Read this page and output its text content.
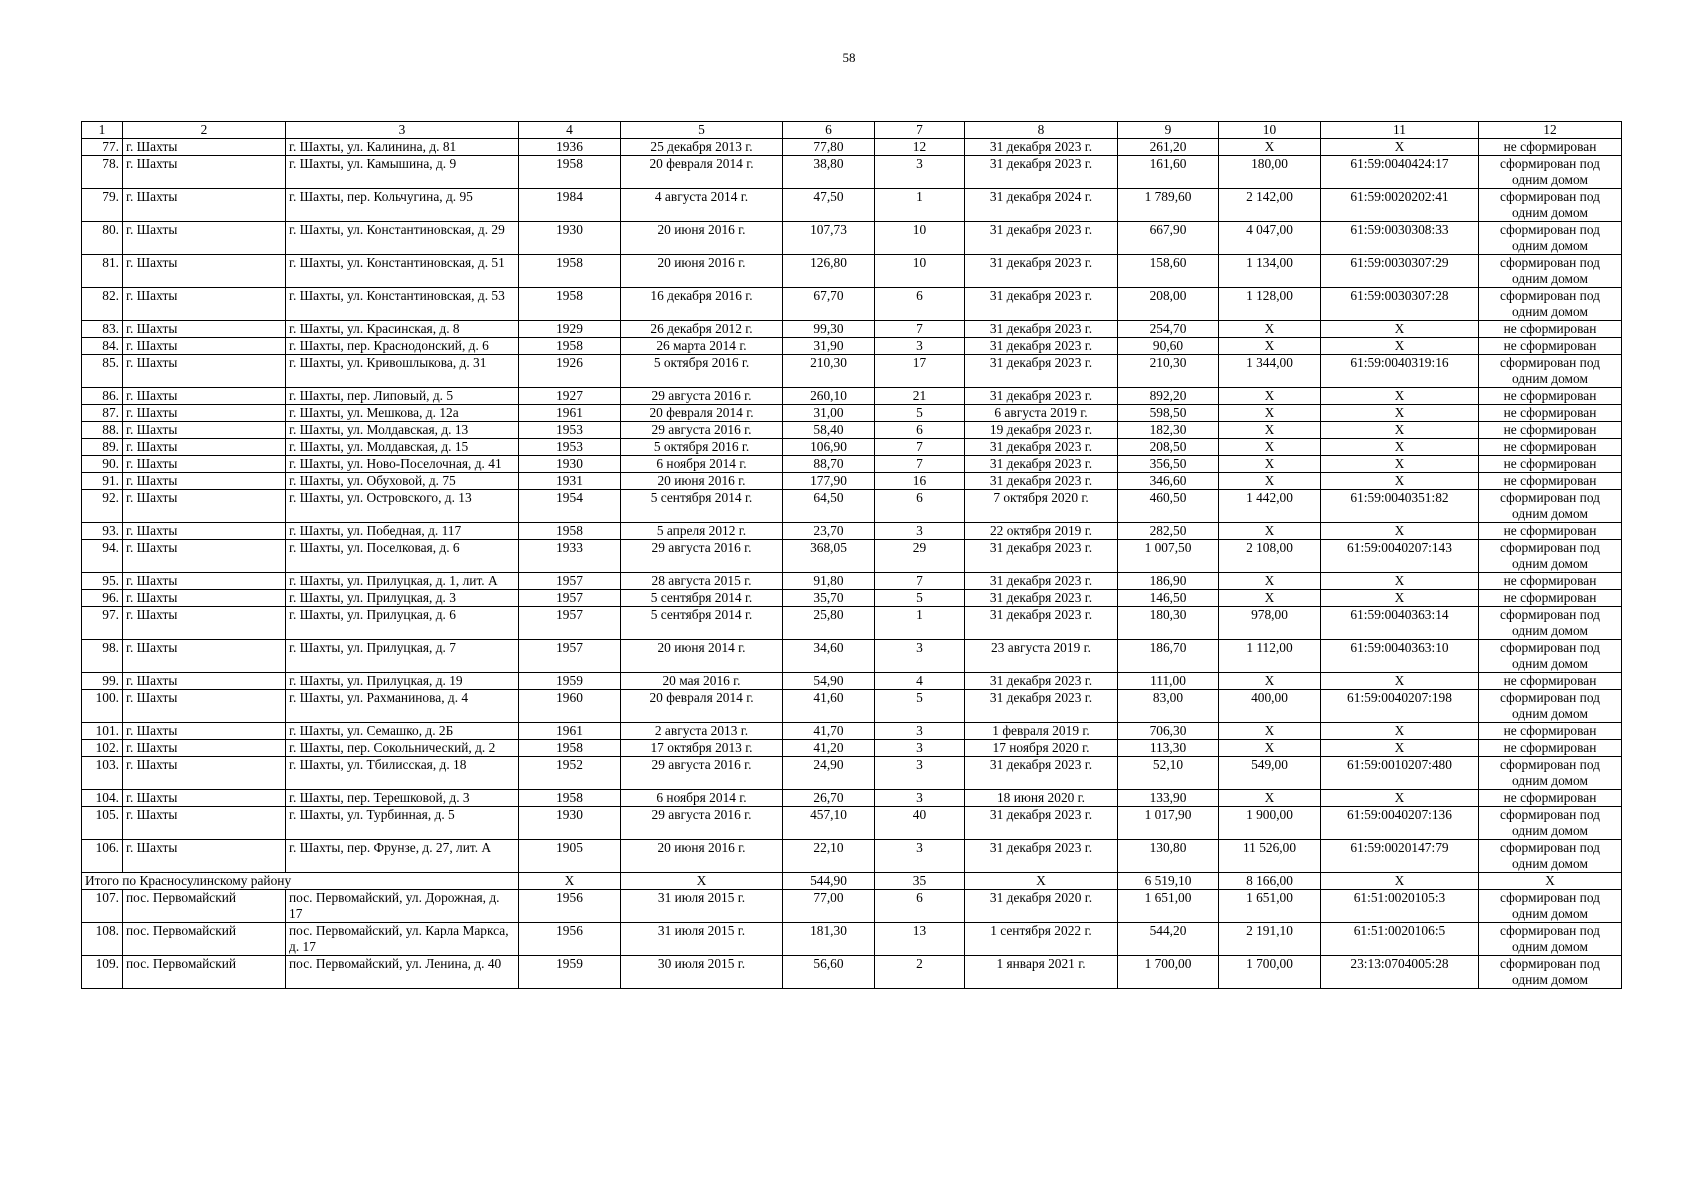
58
1	2	3	4	5	6	7	8	9	10	11	12
77.	г. Шахты	г. Шахты, ул. Калинина, д. 81	1936	25 декабря 2013 г.	77,80	12	31 декабря 2023 г.	261,20	X	X	не сформирован
78.	г. Шахты	г. Шахты, ул. Камышина, д. 9	1958	20 февраля 2014 г.	38,80	3	31 декабря 2023 г.	161,60	180,00	61:59:0040424:17	сформирован под одним домом
79.	г. Шахты	г. Шахты, пер. Кольчугина, д. 95	1984	4 августа 2014 г.	47,50	1	31 декабря 2024 г.	1 789,60	2 142,00	61:59:0020202:41	сформирован под одним домом
80.	г. Шахты	г. Шахты, ул. Константиновская, д. 29	1930	20 июня 2016 г.	107,73	10	31 декабря 2023 г.	667,90	4 047,00	61:59:0030308:33	сформирован под одним домом
81.	г. Шахты	г. Шахты, ул. Константиновская, д. 51	1958	20 июня 2016 г.	126,80	10	31 декабря 2023 г.	158,60	1 134,00	61:59:0030307:29	сформирован под одним домом
82.	г. Шахты	г. Шахты, ул. Константиновская, д. 53	1958	16 декабря 2016 г.	67,70	6	31 декабря 2023 г.	208,00	1 128,00	61:59:0030307:28	сформирован под одним домом
83.	г. Шахты	г. Шахты, ул. Красинская, д. 8	1929	26 декабря 2012 г.	99,30	7	31 декабря 2023 г.	254,70	X	X	не сформирован
84.	г. Шахты	г. Шахты, пер. Краснодонский, д. 6	1958	26 марта 2014 г.	31,90	3	31 декабря 2023 г.	90,60	X	X	не сформирован
85.	г. Шахты	г. Шахты, ул. Кривошлыкова, д. 31	1926	5 октября 2016 г.	210,30	17	31 декабря 2023 г.	210,30	1 344,00	61:59:0040319:16	сформирован под одним домом
86.	г. Шахты	г. Шахты, пер. Липовый, д. 5	1927	29 августа 2016 г.	260,10	21	31 декабря 2023 г.	892,20	X	X	не сформирован
87.	г. Шахты	г. Шахты, ул. Мешкова, д. 12а	1961	20 февраля 2014 г.	31,00	5	6 августа 2019 г.	598,50	X	X	не сформирован
88.	г. Шахты	г. Шахты, ул. Молдавская, д. 13	1953	29 августа 2016 г.	58,40	6	19 декабря 2023 г.	182,30	X	X	не сформирован
89.	г. Шахты	г. Шахты, ул. Молдавская, д. 15	1953	5 октября 2016 г.	106,90	7	31 декабря 2023 г.	208,50	X	X	не сформирован
90.	г. Шахты	г. Шахты, ул. Ново-Поселочная, д. 41	1930	6 ноября 2014 г.	88,70	7	31 декабря 2023 г.	356,50	X	X	не сформирован
91.	г. Шахты	г. Шахты, ул. Обуховой, д. 75	1931	20 июня 2016 г.	177,90	16	31 декабря 2023 г.	346,60	X	X	не сформирован
92.	г. Шахты	г. Шахты, ул. Островского, д. 13	1954	5 сентября 2014 г.	64,50	6	7 октября 2020 г.	460,50	1 442,00	61:59:0040351:82	сформирован под одним домом
93.	г. Шахты	г. Шахты, ул. Победная, д. 117	1958	5 апреля 2012 г.	23,70	3	22 октября 2019 г.	282,50	X	X	не сформирован
94.	г. Шахты	г. Шахты, ул. Поселковая, д. 6	1933	29 августа 2016 г.	368,05	29	31 декабря 2023 г.	1 007,50	2 108,00	61:59:0040207:143	сформирован под одним домом
95.	г. Шахты	г. Шахты, ул. Прилуцкая, д. 1, лит. А	1957	28 августа 2015 г.	91,80	7	31 декабря 2023 г.	186,90	X	X	не сформирован
96.	г. Шахты	г. Шахты, ул. Прилуцкая, д. 3	1957	5 сентября 2014 г.	35,70	5	31 декабря 2023 г.	146,50	X	X	не сформирован
97.	г. Шахты	г. Шахты, ул. Прилуцкая, д. 6	1957	5 сентября 2014 г.	25,80	1	31 декабря 2023 г.	180,30	978,00	61:59:0040363:14	сформирован под одним домом
98.	г. Шахты	г. Шахты, ул. Прилуцкая, д. 7	1957	20 июня 2014 г.	34,60	3	23 августа 2019 г.	186,70	1 112,00	61:59:0040363:10	сформирован под одним домом
99.	г. Шахты	г. Шахты, ул. Прилуцкая, д. 19	1959	20 мая 2016 г.	54,90	4	31 декабря 2023 г.	111,00	X	X	не сформирован
100.	г. Шахты	г. Шахты, ул. Рахманинова, д. 4	1960	20 февраля 2014 г.	41,60	5	31 декабря 2023 г.	83,00	400,00	61:59:0040207:198	сформирован под одним домом
101.	г. Шахты	г. Шахты, ул. Семашко, д. 2Б	1961	2 августа 2013 г.	41,70	3	1 февраля 2019 г.	706,30	X	X	не сформирован
102.	г. Шахты	г. Шахты, пер. Сокольнический, д. 2	1958	17 октября 2013 г.	41,20	3	17 ноября 2020 г.	113,30	X	X	не сформирован
103.	г. Шахты	г. Шахты, ул. Тбилисская, д. 18	1952	29 августа 2016 г.	24,90	3	31 декабря 2023 г.	52,10	549,00	61:59:0010207:480	сформирован под одним домом
104.	г. Шахты	г. Шахты, пер. Терешковой, д. 3	1958	6 ноября 2014 г.	26,70	3	18 июня 2020 г.	133,90	X	X	не сформирован
105.	г. Шахты	г. Шахты, ул. Турбинная, д. 5	1930	29 августа 2016 г.	457,10	40	31 декабря 2023 г.	1 017,90	1 900,00	61:59:0040207:136	сформирован под одним домом
106.	г. Шахты	г. Шахты, пер. Фрунзе, д. 27, лит. А	1905	20 июня 2016 г.	22,10	3	31 декабря 2023 г.	130,80	11 526,00	61:59:0020147:79	сформирован под одним домом
Итого по Красносулинскому району			X	X	544,90	35	X	6 519,10	8 166,00	X	X
107.	пос. Первомайский	пос. Первомайский, ул. Дорожная, д. 17	1956	31 июля 2015 г.	77,00	6	31 декабря 2020 г.	1 651,00	1 651,00	61:51:0020105:3	сформирован под одним домом
108.	пос. Первомайский	пос. Первомайский, ул. Карла Маркса, д. 17	1956	31 июля 2015 г.	181,30	13	1 сентября 2022 г.	544,20	2 191,10	61:51:0020106:5	сформирован под одним домом
109.	пос. Первомайский	пос. Первомайский, ул. Ленина, д. 40	1959	30 июля 2015 г.	56,60	2	1 января 2021 г.	1 700,00	1 700,00	23:13:0704005:28	сформирован под одним домом
